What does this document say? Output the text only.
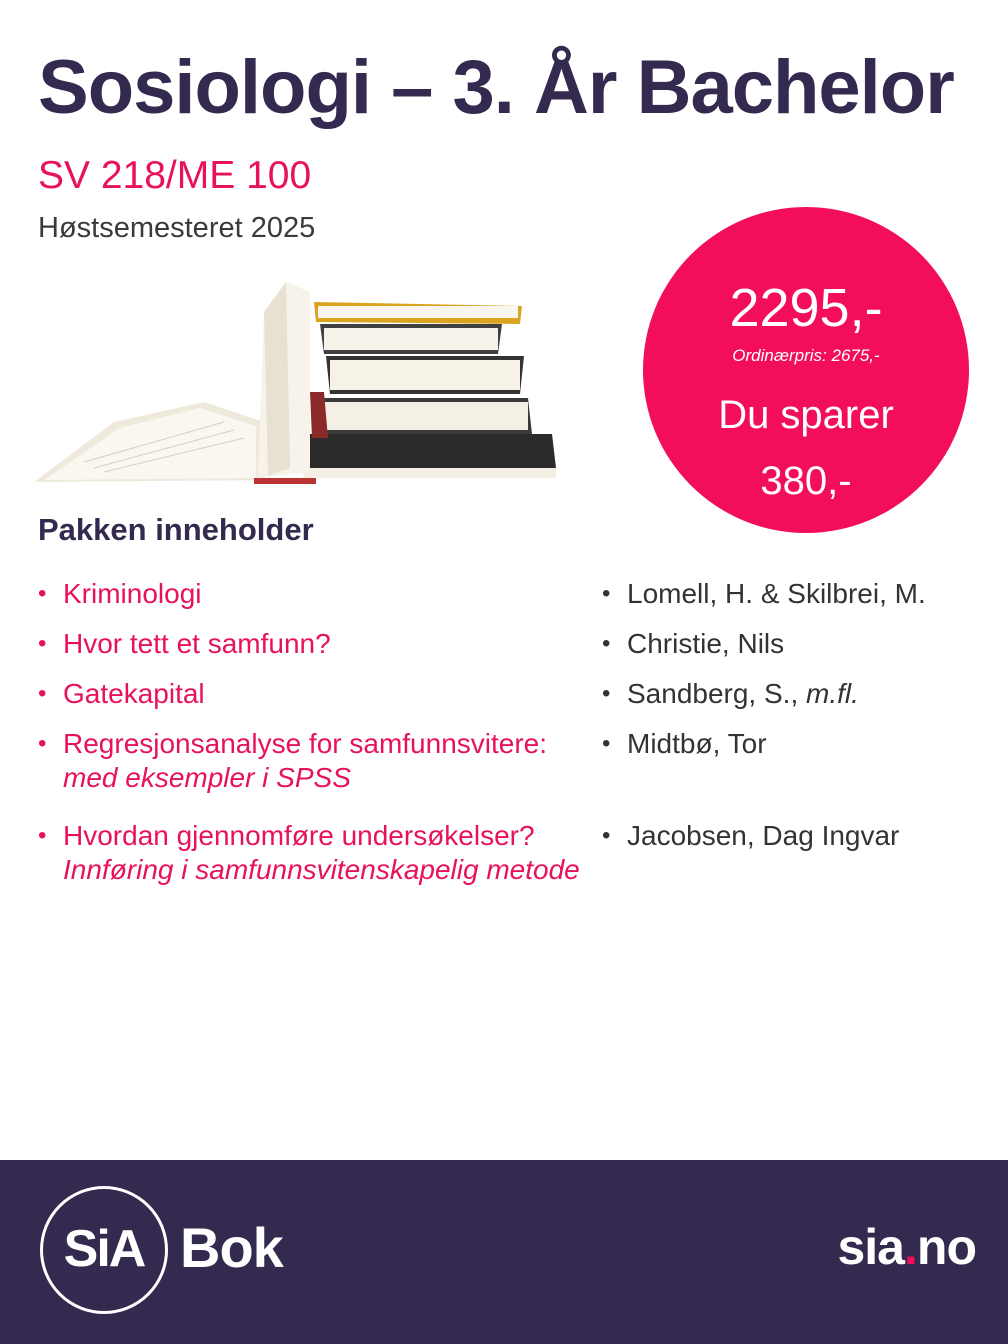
Sosiologi – 3. År Bachelor
SV 218/ME 100
Høstsemesteret 2025
2295,-
Ordinærpris: 2675,-
Du sparer
380,-
Pakken inneholder
• Kriminologi
• Hvor tett et samfunn?
• Gatekapital
• Regresjonsanalyse for samfunnsvitere:
med eksempler i SPSS
• Hvordan gjennomføre undersøkelser?
Innføring i samfunnsvitenskapelig metode
• Lomell, H. & Skilbrei, M.
• Christie, Nils
• Sandberg, S., m.fl.
• Midtbø, Tor
• Jacobsen, Dag Ingvar
SiA Bok	sia.no
